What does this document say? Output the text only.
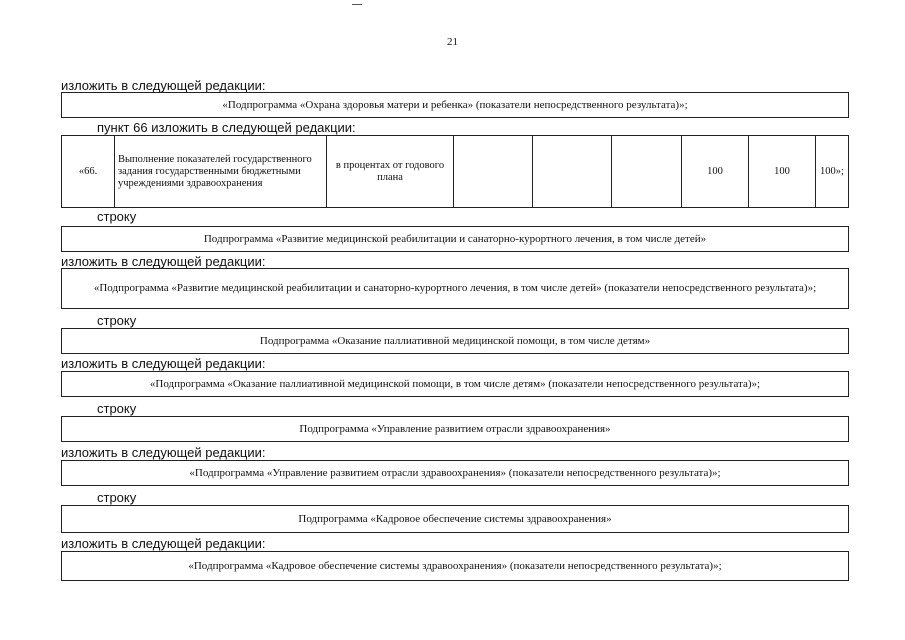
21
изложить в следующей редакции:
«Подпрограмма «Охрана здоровья матери и ребенка» (показатели непосредственного результата)»;
пункт 66 изложить в следующей редакции:
«66.	Выполнение показателей государственного задания государственными бюджетными учреждениями здравоохранения	в процентах от годового плана				100	100	100»;
строку
Подпрограмма «Развитие медицинской реабилитации и санаторно-курортного лечения, в том числе детей»
изложить в следующей редакции:
«Подпрограмма «Развитие медицинской реабилитации и санаторно-курортного лечения, в том числе детей» (показатели непосредственного результата)»;
строку
Подпрограмма «Оказание паллиативной медицинской помощи, в том числе детям»
изложить в следующей редакции:
«Подпрограмма «Оказание паллиативной медицинской помощи, в том числе детям» (показатели непосредственного результата)»;
строку
Подпрограмма «Управление развитием отрасли здравоохранения»
изложить в следующей редакции:
«Подпрограмма «Управление развитием отрасли здравоохранения» (показатели непосредственного результата)»;
строку
Подпрограмма «Кадровое обеспечение системы здравоохранения»
изложить в следующей редакции:
«Подпрограмма «Кадровое обеспечение системы здравоохранения» (показатели непосредственного результата)»;
